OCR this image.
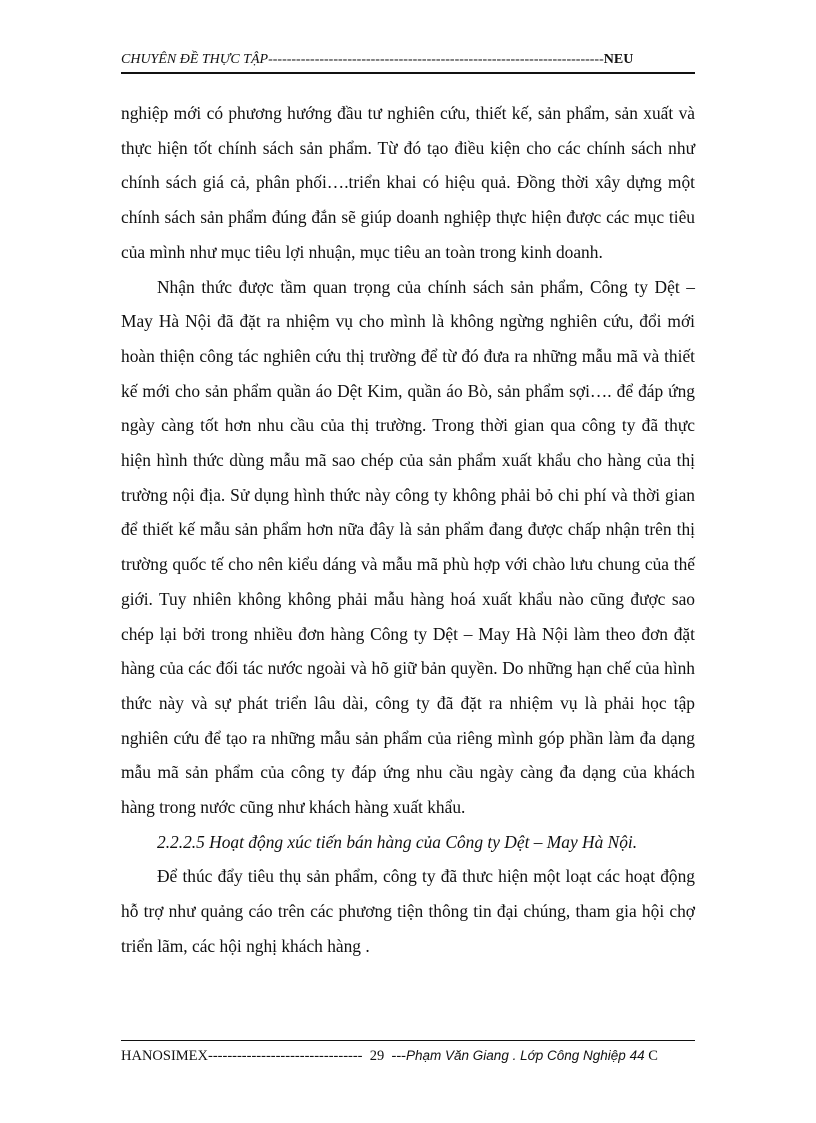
CHUYÊN ĐỀ THỰC TẬP------------------------------------------------------------------------NEU

nghiệp mới có phương hướng đầu tư nghiên cứu, thiết kế, sản phẩm, sản xuất và thực hiện tốt chính sách sản phẩm. Từ đó tạo điều kiện cho các chính sách như chính sách giá cả, phân phối….triển khai có hiệu quả. Đồng thời xây dựng một chính sách sản phẩm đúng đắn sẽ giúp doanh nghiệp thực hiện được các mục tiêu của mình như mục tiêu lợi nhuận, mục tiêu an toàn trong kinh doanh.

Nhận thức được tầm quan trọng của chính sách sản phẩm, Công ty Dệt – May Hà Nội đã đặt ra nhiệm vụ cho mình là không ngừng nghiên cứu, đổi mới hoàn thiện công tác nghiên cứu thị trường để từ đó đưa ra những mẫu mã và thiết kế mới cho sản phẩm quần áo Dệt Kim, quần áo Bò, sản phẩm sợi…. để đáp ứng ngày càng tốt hơn nhu cầu của thị trường. Trong thời gian qua công ty đã thực hiện hình thức dùng mẫu mã sao chép của sản phẩm xuất khẩu cho hàng của thị trường nội địa. Sử dụng hình thức này công ty không phải bỏ chi phí và thời gian để thiết kế mẫu sản phẩm hơn nữa đây là sản phẩm đang được chấp nhận trên thị trường quốc tế cho nên kiểu dáng và mẫu mã phù hợp với chào lưu chung của thế giới. Tuy nhiên không không phải mẫu hàng hoá xuất khẩu nào cũng được sao chép lại bởi trong nhiều đơn hàng Công ty Dệt – May Hà Nội làm theo đơn đặt hàng của các đối tác nước ngoài và hõ giữ bản quyền. Do những hạn chế của hình thức này và sự phát triển lâu dài, công ty đã đặt ra nhiệm vụ là phải học tập nghiên cứu để tạo ra những mẫu sản phẩm của riêng mình góp phần làm đa dạng mẫu mã sản phẩm của công ty đáp ứng nhu cầu ngày càng đa dạng của khách hàng trong nước cũng như khách hàng xuất khẩu.

2.2.2.5 Hoạt động xúc tiến bán hàng của Công ty Dệt – May Hà Nội.

Để thúc đẩy tiêu thụ sản phẩm, công ty đã thưc hiện một loạt các hoạt động hỗ trợ như quảng cáo trên các phương tiện thông tin đại chúng, tham gia hội chợ triển lãm, các hội nghị khách hàng .

HANOSIMEX-------------------------------- 29 ---Phạm Văn Giang . Lớp Công Nghiệp 44 C
